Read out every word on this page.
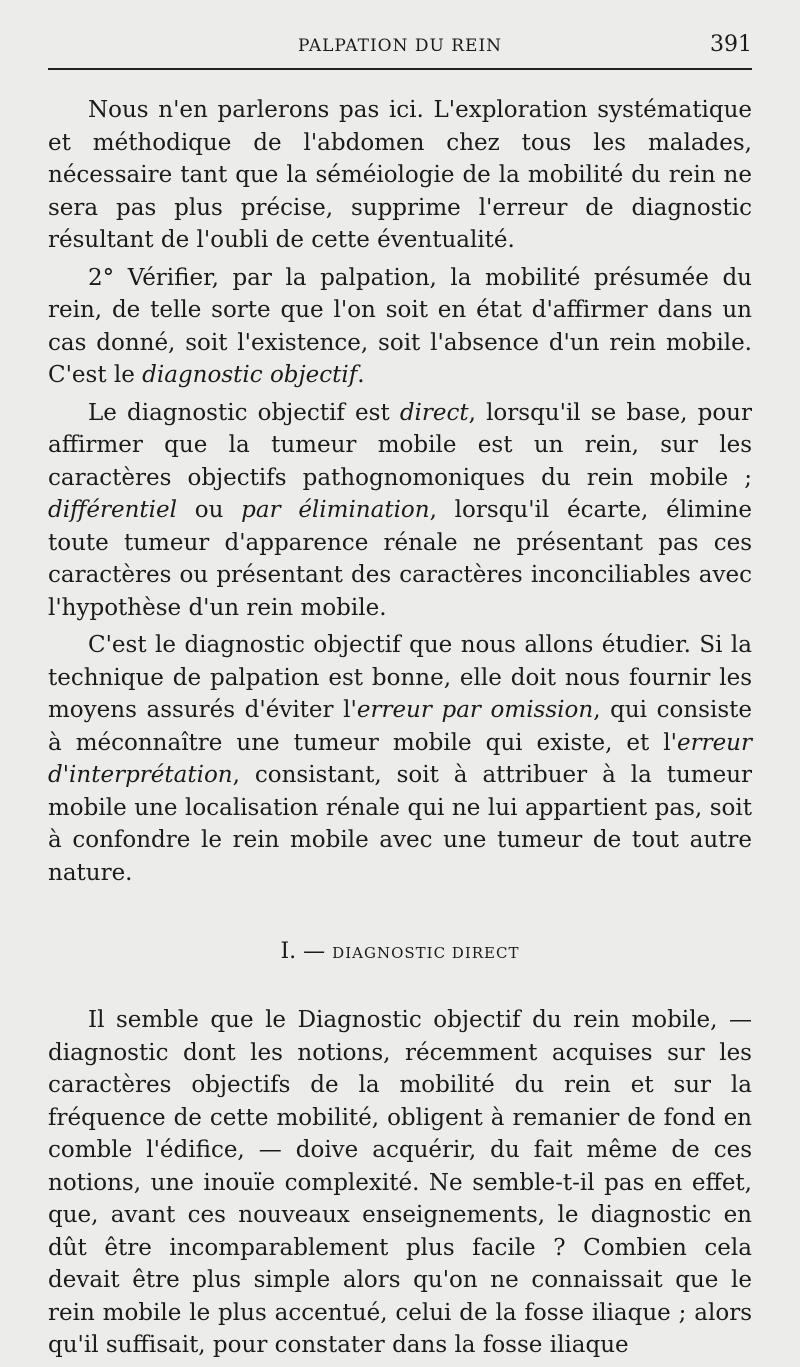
PALPATION DU REIN	391

Nous n'en parlerons pas ici. L'exploration systématique et méthodique de l'abdomen chez tous les malades, nécessaire tant que la séméiologie de la mobilité du rein ne sera pas plus précise, supprime l'erreur de diagnostic résultant de l'oubli de cette éventualité.

2° Vérifier, par la palpation, la mobilité présumée du rein, de telle sorte que l'on soit en état d'affirmer dans un cas donné, soit l'existence, soit l'absence d'un rein mobile. C'est le diagnostic objectif.

Le diagnostic objectif est direct, lorsqu'il se base, pour affirmer que la tumeur mobile est un rein, sur les caractères objectifs pathognomoniques du rein mobile ; différentiel ou par élimination, lorsqu'il écarte, élimine toute tumeur d'apparence rénale ne présentant pas ces caractères ou présentant des caractères inconciliables avec l'hypothèse d'un rein mobile.

C'est le diagnostic objectif que nous allons étudier. Si la technique de palpation est bonne, elle doit nous fournir les moyens assurés d'éviter l'erreur par omission, qui consiste à méconnaître une tumeur mobile qui existe, et l'erreur d'interprétation, consistant, soit à attribuer à la tumeur mobile une localisation rénale qui ne lui appartient pas, soit à confondre le rein mobile avec une tumeur de tout autre nature.

I. — DIAGNOSTIC DIRECT

Il semble que le Diagnostic objectif du rein mobile, — diagnostic dont les notions, récemment acquises sur les caractères objectifs de la mobilité du rein et sur la fréquence de cette mobilité, obligent à remanier de fond en comble l'édifice, — doive acquérir, du fait même de ces notions, une inouïe complexité. Ne semble-t-il pas en effet, que, avant ces nouveaux enseignements, le diagnostic en dût être incomparablement plus facile ? Combien cela devait être plus simple alors qu'on ne connaissait que le rein mobile le plus accentué, celui de la fosse iliaque ; alors qu'il suffisait, pour constater dans la fosse iliaque
